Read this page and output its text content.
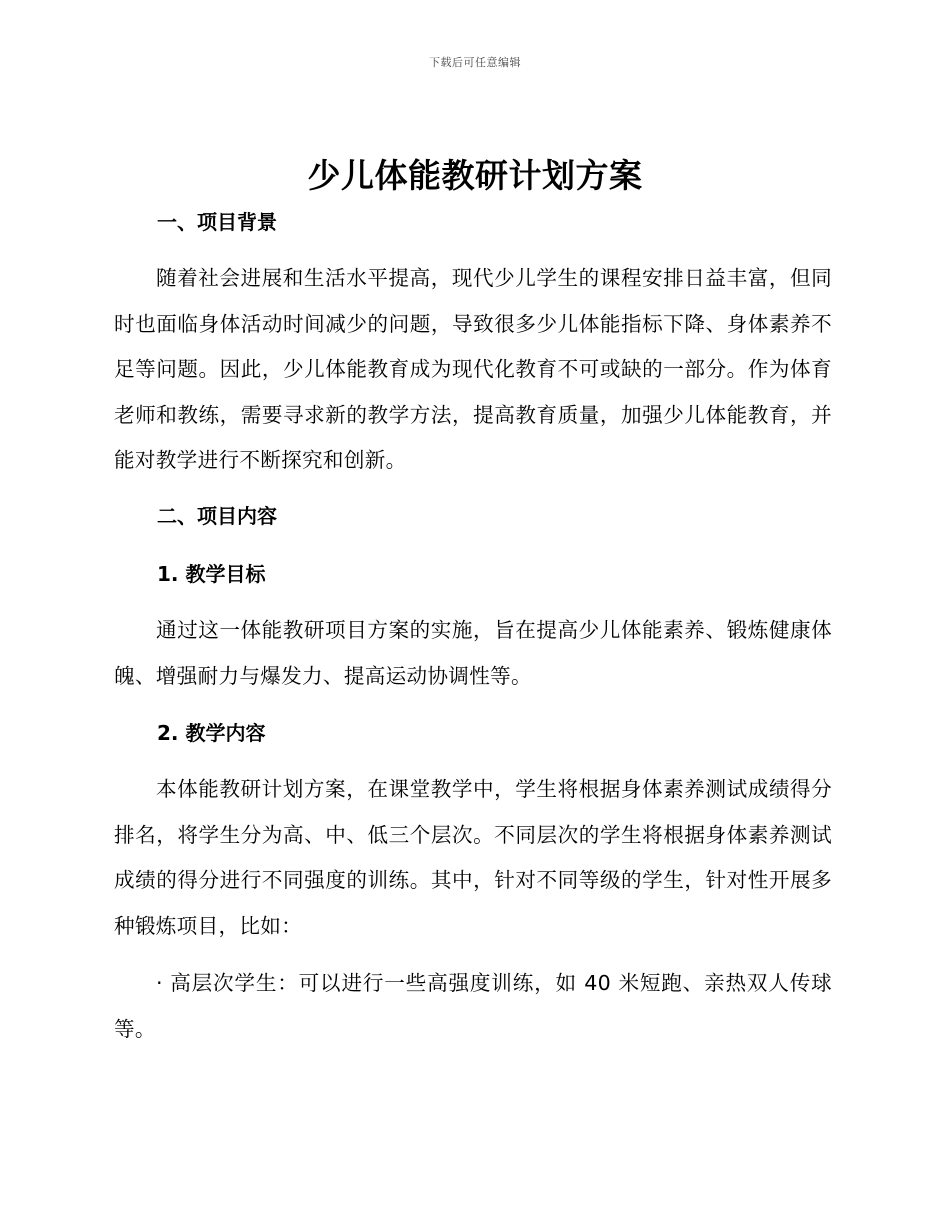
下载后可任意编辑
少儿体能教研计划方案
一、项目背景
随着社会进展和生活水平提高，现代少儿学生的课程安排日益丰富，但同时也面临身体活动时间减少的问题，导致很多少儿体能指标下降、身体素养不足等问题。因此，少儿体能教育成为现代化教育不可或缺的一部分。作为体育老师和教练，需要寻求新的教学方法，提高教育质量，加强少儿体能教育，并能对教学进行不断探究和创新。
二、项目内容
1. 教学目标
通过这一体能教研项目方案的实施，旨在提高少儿体能素养、锻炼健康体魄、增强耐力与爆发力、提高运动协调性等。
2. 教学内容
本体能教研计划方案，在课堂教学中，学生将根据身体素养测试成绩得分排名，将学生分为高、中、低三个层次。不同层次的学生将根据身体素养测试成绩的得分进行不同强度的训练。其中，针对不同等级的学生，针对性开展多种锻炼项目，比如：
· 高层次学生：可以进行一些高强度训练，如 40 米短跑、亲热双人传球等。
